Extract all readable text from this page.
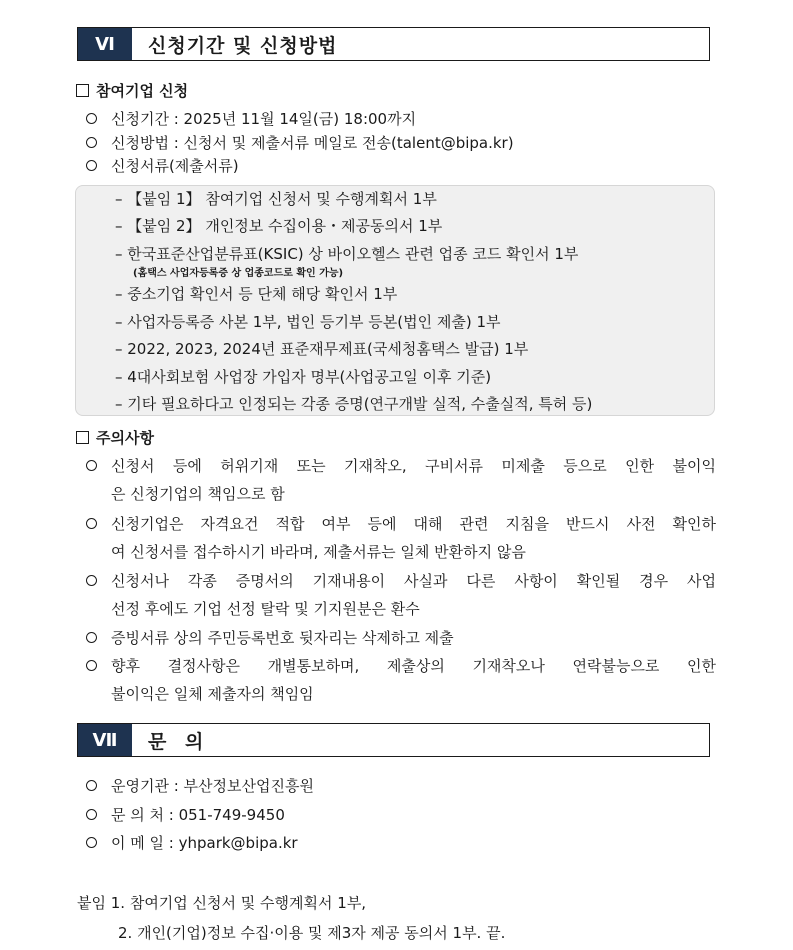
Ⅵ	신청기간 및 신청방법
참여기업 신청
신청기간 : 2025년 11월 14일(금) 18:00까지
신청방법 : 신청서 및 제출서류 메일로 전송(talent@bipa.kr)
신청서류(제출서류)
– 【붙임 1】 참여기업 신청서 및 수행계획서 1부
– 【붙임 2】 개인정보 수집이용・제공동의서 1부
– 한국표준산업분류표(KSIC) 상 바이오헬스 관련 업종 코드 확인서 1부
(홈택스 사업자등록증 상 업종코드로 확인 가능)
– 중소기업 확인서 등 단체 해당 확인서 1부
– 사업자등록증 사본 1부, 법인 등기부 등본(법인 제출) 1부
– 2022, 2023, 2024년 표준재무제표(국세청홈택스 발급) 1부
– 4대사회보험 사업장 가입자 명부(사업공고일 이후 기준)
– 기타 필요하다고 인정되는 각종 증명(연구개발 실적, 수출실적, 특허 등)
주의사항
신청서 등에 허위기재 또는 기재착오, 구비서류 미제출 등으로 인한 불이익
은 신청기업의 책임으로 함
신청기업은 자격요건 적합 여부 등에 대해 관련 지침을 반드시 사전 확인하
여 신청서를 접수하시기 바라며, 제출서류는 일체 반환하지 않음
신청서나 각종 증명서의 기재내용이 사실과 다른 사항이 확인될 경우 사업
선정 후에도 기업 선정 탈락 및 기지원분은 환수
증빙서류 상의 주민등록번호 뒷자리는 삭제하고 제출
향후 결정사항은 개별통보하며, 제출상의 기재착오나 연락불능으로 인한
불이익은 일체 제출자의 책임임
Ⅶ	문 의
운영기관 : 부산정보산업진흥원
문 의 처 : 051-749-9450
이 메 일 : yhpark@bipa.kr
붙임 1. 참여기업 신청서 및 수행계획서 1부,
2. 개인(기업)정보 수집·이용 및 제3자 제공 동의서 1부. 끝.
